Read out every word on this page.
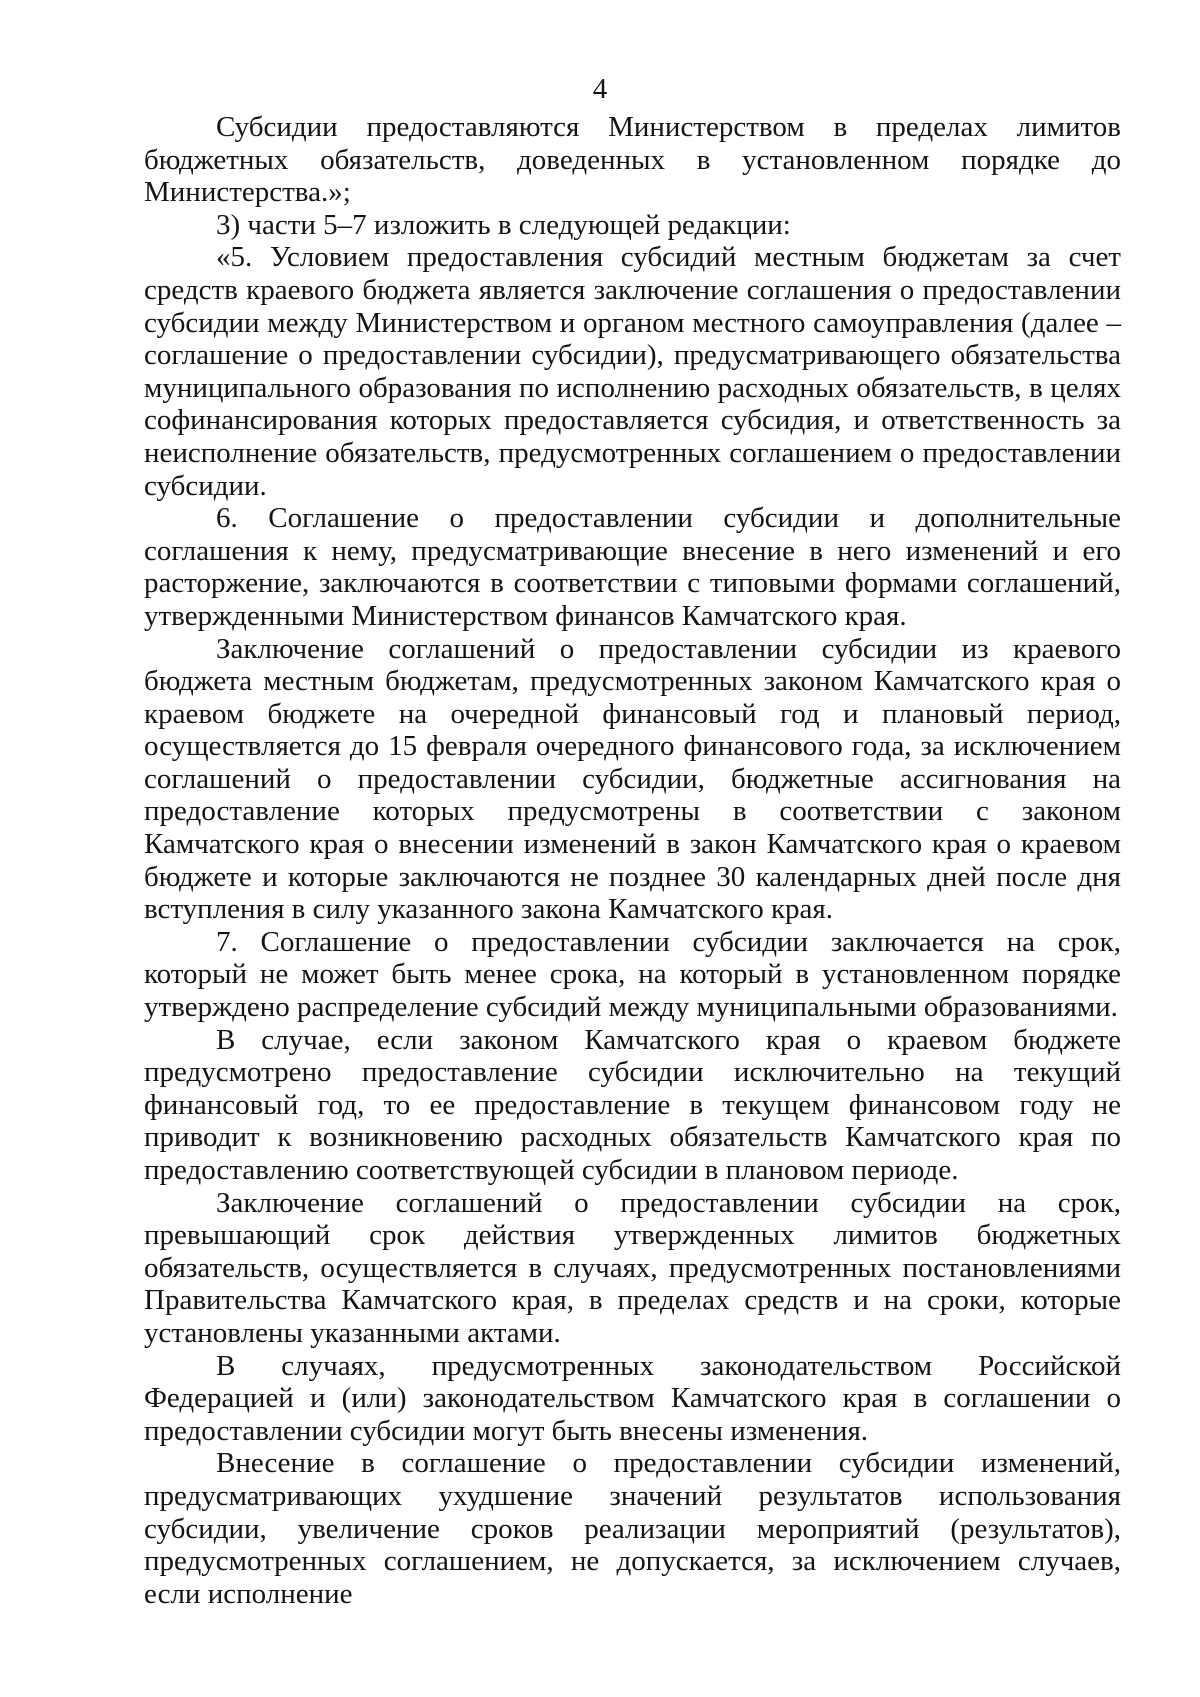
4

Субсидии предоставляются Министерством в пределах лимитов бюджетных обязательств, доведенных в установленном порядке до Министерства.»;

3) части 5–7 изложить в следующей редакции:

«5. Условием предоставления субсидий местным бюджетам за счет средств краевого бюджета является заключение соглашения о предоставлении субсидии между Министерством и органом местного самоуправления (далее – соглашение о предоставлении субсидии), предусматривающего обязательства муниципального образования по исполнению расходных обязательств, в целях софинансирования которых предоставляется субсидия, и ответственность за неисполнение обязательств, предусмотренных соглашением о предоставлении субсидии.

6. Соглашение о предоставлении субсидии и дополнительные соглашения к нему, предусматривающие внесение в него изменений и его расторжение, заключаются в соответствии с типовыми формами соглашений, утвержденными Министерством финансов Камчатского края.

Заключение соглашений о предоставлении субсидии из краевого бюджета местным бюджетам, предусмотренных законом Камчатского края о краевом бюджете на очередной финансовый год и плановый период, осуществляется до 15 февраля очередного финансового года, за исключением соглашений о предоставлении субсидии, бюджетные ассигнования на предоставление которых предусмотрены в соответствии с законом Камчатского края о внесении изменений в закон Камчатского края о краевом бюджете и которые заключаются не позднее 30 календарных дней после дня вступления в силу указанного закона Камчатского края.

7. Соглашение о предоставлении субсидии заключается на срок, который не может быть менее срока, на который в установленном порядке утверждено распределение субсидий между муниципальными образованиями.

В случае, если законом Камчатского края о краевом бюджете предусмотрено предоставление субсидии исключительно на текущий финансовый год, то ее предоставление в текущем финансовом году не приводит к возникновению расходных обязательств Камчатского края по предоставлению соответствующей субсидии в плановом периоде.

Заключение соглашений о предоставлении субсидии на срок, превышающий срок действия утвержденных лимитов бюджетных обязательств, осуществляется в случаях, предусмотренных постановлениями Правительства Камчатского края, в пределах средств и на сроки, которые установлены указанными актами.

В случаях, предусмотренных законодательством Российской Федерацией и (или) законодательством Камчатского края в соглашении о предоставлении субсидии могут быть внесены изменения.

Внесение в соглашение о предоставлении субсидии изменений, предусматривающих ухудшение значений результатов использования субсидии, увеличение сроков реализации мероприятий (результатов), предусмотренных соглашением, не допускается, за исключением случаев, если исполнение
